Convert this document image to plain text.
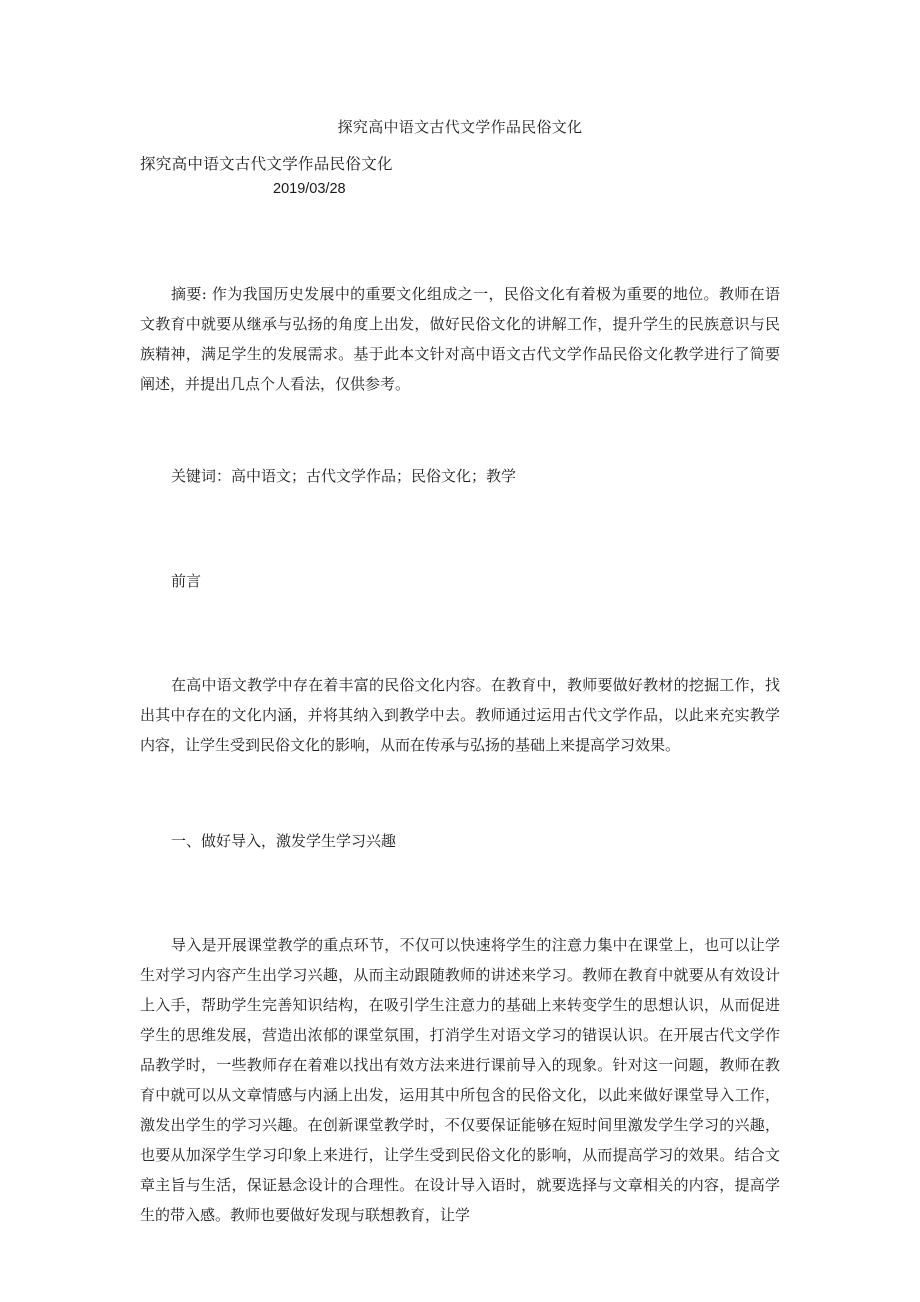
探究高中语文古代文学作品民俗文化
探究高中语文古代文学作品民俗文化
2019/03/28
摘要: 作为我国历史发展中的重要文化组成之一，民俗文化有着极为重要的地位。教师在语文教育中就要从继承与弘扬的角度上出发，做好民俗文化的讲解工作，提升学生的民族意识与民族精神，满足学生的发展需求。基于此本文针对高中语文古代文学作品民俗文化教学进行了简要阐述，并提出几点个人看法，仅供参考。
关键词：高中语文；古代文学作品；民俗文化；教学
前言
在高中语文教学中存在着丰富的民俗文化内容。在教育中，教师要做好教材的挖掘工作，找出其中存在的文化内涵，并将其纳入到教学中去。教师通过运用古代文学作品，以此来充实教学内容，让学生受到民俗文化的影响，从而在传承与弘扬的基础上来提高学习效果。
一、做好导入，激发学生学习兴趣
导入是开展课堂教学的重点环节，不仅可以快速将学生的注意力集中在课堂上，也可以让学生对学习内容产生出学习兴趣，从而主动跟随教师的讲述来学习。教师在教育中就要从有效设计上入手，帮助学生完善知识结构，在吸引学生注意力的基础上来转变学生的思想认识，从而促进学生的思维发展，营造出浓郁的课堂氛围，打消学生对语文学习的错误认识。在开展古代文学作品教学时，一些教师存在着难以找出有效方法来进行课前导入的现象。针对这一问题，教师在教育中就可以从文章情感与内涵上出发，运用其中所包含的民俗文化，以此来做好课堂导入工作，激发出学生的学习兴趣。在创新课堂教学时，不仅要保证能够在短时间里激发学生学习的兴趣，也要从加深学生学习印象上来进行，让学生受到民俗文化的影响，从而提高学习的效果。结合文章主旨与生活，保证悬念设计的合理性。在设计导入语时，就要选择与文章相关的内容，提高学生的带入感。教师也要做好发现与联想教育，让学
